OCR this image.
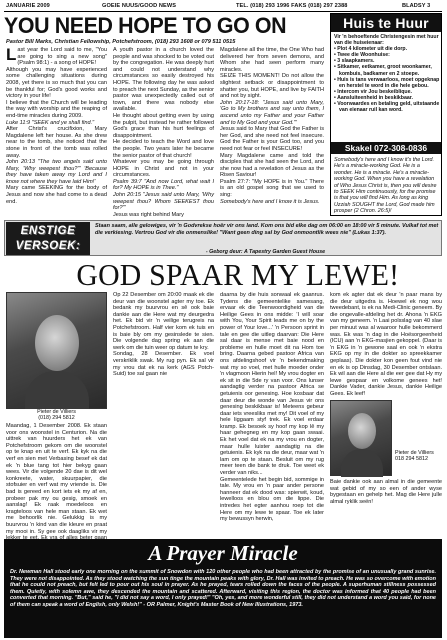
JANUARIE 2009	GOEIE NUUS/GOOD NEWS	TEL. (018) 293 1996 FAKS (018) 297 2388	BLADSY 3
YOU NEED HOPE TO GO ON
Pastor Bill Marks, Christian Fellowship, Potchefstroom, (018) 293 1608 or 079 511 0515
L ast year the Lord said to me, "You are going to sing a new song" (Psalm 98:1) - a song of HOPE!

Although you may have experienced some challenging situations during 2008, yet there is so much that you can be thankful for; God's good works and victory in your life!

I believe that the Church will be leading the way with worship and the reaping of end-time miracles during 2009.

Luke 11:9 "SEEK and ye shall find."

After Christ's crucifixion, Mary Magdalene left her house. As she drew near to the tomb, she noticed that the stone in front of the tomb was rolled away.

John 20:13 "The two angels said unto Mary, 'Why weepest thou?'" 'Because they have taken away my Lord and I know not where they have laid Him!'

Mary came SEEKING for the body of Jesus and now she had come to a dead end.

A youth pastor in a church loved the people and was shocked to be voted out by the congregation. He was deeply hurt and could not understand why circumstances so easily destroyed his HOPE. The following day he was asked to preach the next Sunday, as the senior pastor was unexpectedly called out of town, and there was nobody else available.

He thought about getting even by using the pulpit, but instead he rather followed God's grace than his hurt feelings of disappointment.

He decided to teach the Word and love the people. Two years later he became the senior pastor of that church!

Whatever you may be going through HOPE in Christ and not in your circumstances.

Psalm 39:7 "And now Lord, what wait I for? My HOPE is in Thee."

John 20:15 "Jesus said unto Mary, 'Why weepest thou? Whom SEEKEST thou for?'"

Jesus was right behind Mary

Magdalene all the time, the One Who had delivered her from seven demons, and Whom she had seen perform many miracles.

SEIZE THIS MOMENT! Do not allow the slightest setback or disappointment to shatter you, but HOPE, and live by FAITH and not by sight.

John 20:17-18: "Jesus said unto Mary, 'Go to My brothers and say unto them, I ascend unto my Father and your Father and to My God and your God.'"

Jesus said to Mary that God the Father is her God, and she need not feel insecure. God the Father is your God too, and you need not fear or feel INSECURE!

Mary Magdalene came and told the disciples that she had seen the Lord, and she now had a revelation of Jesus as the Risen Saviour!

Psalm 27:7: "My HOPE is in You." There is an old gospel song that we used to sing:

Somebody's here and I know it is Jesus.

Huis te Huur
Vir 'n behoeftende Christengesin met huur van die huiseienaar:
• Plot 4 kilometer uit die dorp.
• Twee die Woonhuise:
• 3 slaapkamers.
• Sitkamer, eetkamer, groot woonkamer, kombuis, badkamer en 2 stoepe.
• Huis is tans verwaarloos, moet opgeknap en herstel te word in die hele gebou.
• Intercom vir Jou beskeiblique.
• Aansluiteenheid in beskikbaar.
• Voorwaardes en betaling geld, uitstaande van eienaar ruil kan word.
Skakel 072-308-0836
Somebody's here and I know it's the Lord. He's a miracle-working God. He is a wonder. He is a miracle. He's a miracle-working God. When you have a revelation of Who Jesus Christ is, then you will desire to SEEK Him continuously, for the promise is that you will find Him. As long as king Uzziah SOUGHT the Lord, God made him prosper (2 Chron. 26:5)!
ENSTIGE
VERSOEK:
Staan saam, alle gelowiges, vir 'n Godvrekse hoër vir ons land. Kom ons bid elke dag om 06:00 en 18:00 vir 5 minute. Vulkaf tot met die verkiesing. Vertrou God vir die onmenslike! "Want geen ding sal by God onmoontlik wees nie" (Lukas 1:37).
- Geborg deur: A Tapestry Garden Guest House
GOD SPAAR MY LEWE!
Pieter de Villiers
(018) 294 5812

Maandag, 1 Desember 2008. Ek staan voor ons woonstel in Centurion. Na die uittrek van huurders het ek van Potchefstroom gekom om die woonstel op te knap en uit te verf. Ek kyk na die verf en sien met Verbasing besef ek dat ek 'n blue tang tot hier bekyg gaan wees. Vir die volgende 20 dae is dit wel konkreete, water, skuurpapier, die stofsuier en verf wat my vriende is. Die bad is gereed en kort iets ek my af en, probeer pak my ou gesig, smoek en aanslag! Ek raak moedeloos en kragteloos van hele man staan. Ek wet me behoorlik nie. Gelukkig is my buurvrou 'n kind van die kleure en praat my mooi in. Sy gee ook daagliks vir my

Op 22 Desember om 20:00 maak ek die deur van die woonstel agter my toe. Ek bedank my buurvrou en sê ook baie dankie aan die Here wat my deurgedra het. Ek bid vir 'n veilige terugreis na Potchefstroom. Half vier kom ek tuis en is baie bly om my gesinslede te sien. Die volgende dag spring ek aan die werk om die tuin weer op datum te kry.

Sondag, 28 Desember. Ek voel verskriklik swak. My rug pyn. Ek sal vir my vrou dat ek na kerk (AGS Potch-Suid) toe sal gaan nie

daarna by die huis sonwaal ek gaanrus. Tydens die gemeentelike samesang, ervaar ek die Teenwoordigheid van die Heilige Gees in ons midde: 'I will soar with You, Your Spirit leads me on by the power of Your love...' 'n Persoon sprint in tale en gee die uitleg daarvan: Die Here sal daar is mense met baie nood en probleme en hulle moet dit na Hom toe bring. Daarna gebed pastoor Africa van ons afdelingshoof vir 'n bekendmaking wat my so voel, met hulle moeder onder 'n vlagmoon Hierin hel! My vrou dogter en ek sit in die 5de ry van voor. Ons lunser aandagtig verder na pastoor Africa se getuienis oor genesing. Hoe kosbaar dat daar deur die wonde van Jesus vir ons genesing beskikbaar is! Meteens gebeur daar iets vreesliks met my! Dit voel of my hele liggaam styf trek. Ek voel erdaar kramp. Ek besoek sy hoof my kop lê my haar gehegneg en my kop gaan swaai. Ek het voel dat ek na my vrou en dogter, maar hulle luister aandagtig na die getuienis. Ek kyk na die deur, maar wat 'n lam om op te staan. Besluit om my rug meer teen die bank te druk. Toe weet ek verder van niks...

Gemeentelede het begin bid, sommige in tale. My vrou en 'n paar ander persone hanneer dat ek dood was: spierwit, koud, lewelloos en blou om die lippe. Die intredes het egter aanhou roep tot die Here om my lewe te spaar. Toe ek later my bewussyn herwin,

kom ek agter dat ek deur 'n paar mans by die deur uitgedra is. Hoewel ek nog wou tweedebant, is ek na Medi-Clinic geneem. By die ongevalle-afdeling het dr. Ahona 'n EKG van my geneem. 'n Laai polsslag van 40 slae per minuut was al waaroor hulle bekommerd was. Ek was 'n dag in die Hoësorgeenheid (ICU) aan 'n EKG-masjien gekoppel. (Daar is 'n EKG in 'n gewone saal en ook 'n ekstra EKG op my in die dokter so spreekkamer geplaas). Die dokter kon geen fout vind nie en ek is op Dinsdag, 30 Desember ontslaan. Ek wil aan die Here al die eer gee dat Hy my lewe gespaar en volkome genees het! Dankie Vader, dankie Jesus, dankie Heilige Gees. Ek leef!

Pieter de Villiers
018 294 5812

Baie dankie ook aan almal in die gemeente wat gebid of my so een of ander wyse bygestaan en gehelp het. Mag die Here julle almal ryklik seën!

A Prayer Miracle
Dr. Newman Hall stood early one morning on the summit of Snowdon with 120 other people who had been attracted by the promise of an unusually grand sunrise. They were not disappointed. As they stood watching the sun tinge the mountain peaks with glory, Dr. Hall was invited to preach. He was so overcome with emotion that he could not preach, but felt led to pour out his soul in prayer. As he prayed, tears rolled down the faces of the people. A superhuman stillness possessed them. Quietly, with solemn awe, they descended the mountain and scattered. Afterward, visiting this region, the doctor was informed that 40 people had been converted that morning. "But," said he, "I did not say a word, I only prayed!" "Oh, yes, and more wonderful still, they did not understand a word you said, for none of them can speak a word of English, only Welsh!" - OR Palmer, Knight's Master Book of New Illustrations, 1973.
